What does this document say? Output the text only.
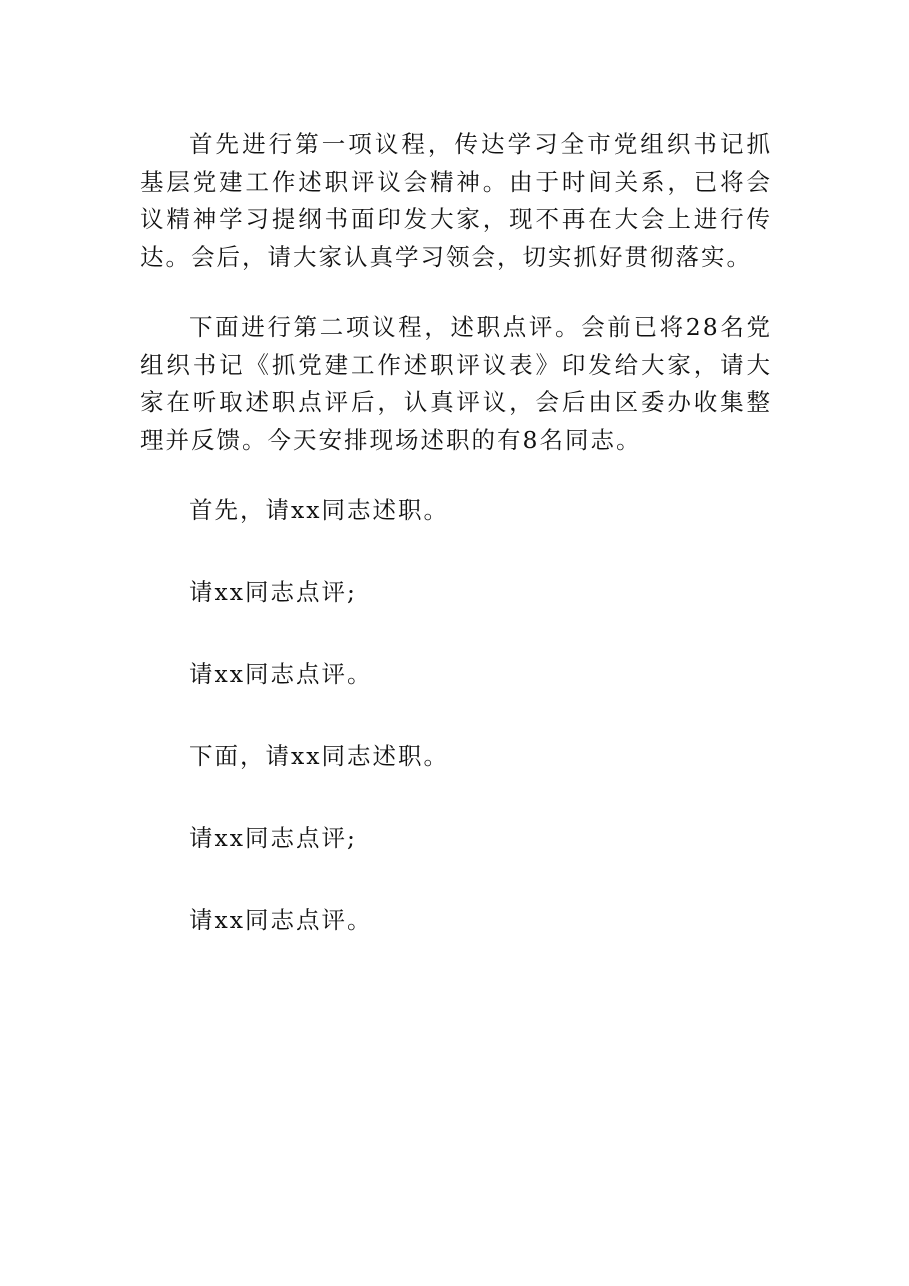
首先进行第一项议程，传达学习全市党组织书记抓基层党建工作述职评议会精神。由于时间关系，已将会议精神学习提纲书面印发大家，现不再在大会上进行传达。会后，请大家认真学习领会，切实抓好贯彻落实。

下面进行第二项议程，述职点评。会前已将28名党组织书记《抓党建工作述职评议表》印发给大家，请大家在听取述职点评后，认真评议，会后由区委办收集整理并反馈。今天安排现场述职的有8名同志。

首先，请xx同志述职。

请xx同志点评;

请xx同志点评。

下面，请xx同志述职。

请xx同志点评;

请xx同志点评。
